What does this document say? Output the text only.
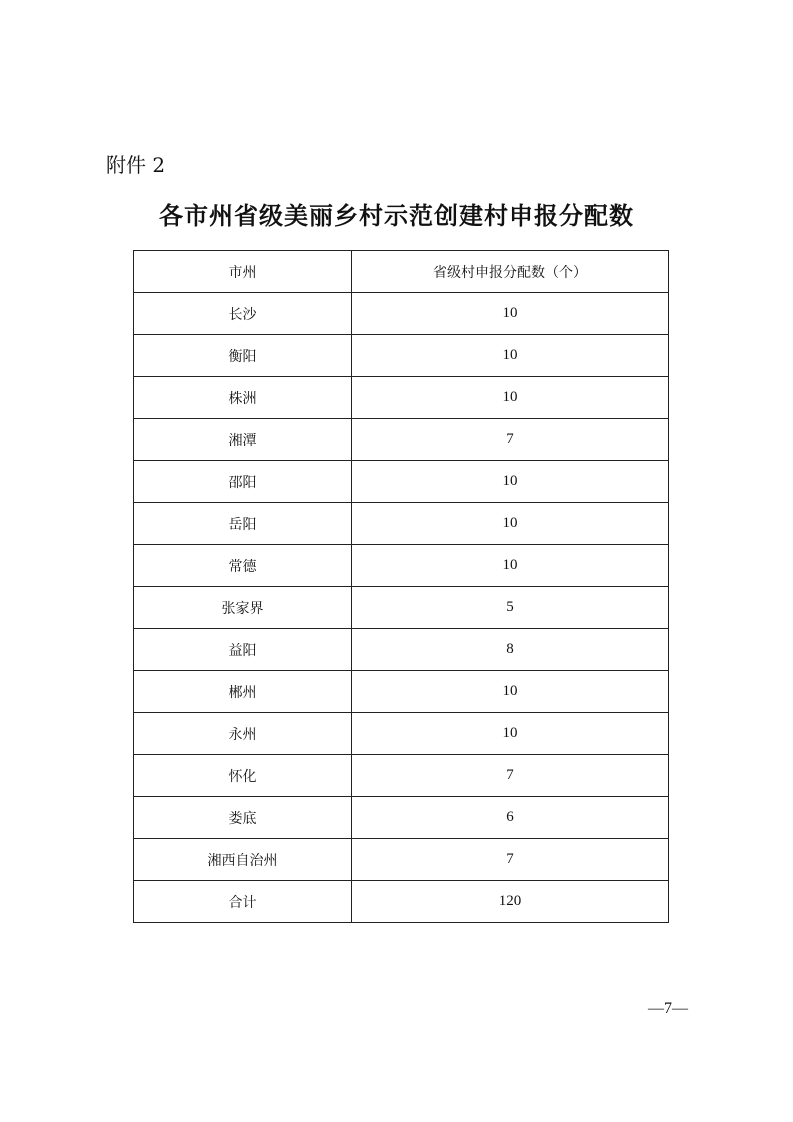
附件 2
各市州省级美丽乡村示范创建村申报分配数
市州	省级村申报分配数（个）
长沙	10
衡阳	10
株洲	10
湘潭	7
邵阳	10
岳阳	10
常德	10
张家界	5
益阳	8
郴州	10
永州	10
怀化	7
娄底	6
湘西自治州	7
合计	120
—7—
